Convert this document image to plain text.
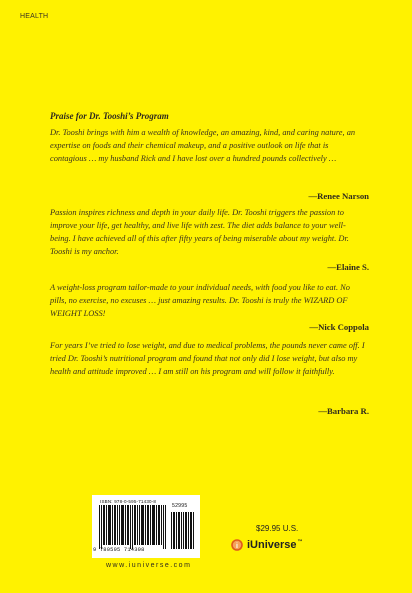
HEALTH
Praise for Dr. Tooshi’s Program
Dr. Tooshi brings with him a wealth of knowledge, an amazing, kind, and caring nature, an expertise on foods and their chemical makeup, and a positive outlook on life that is contagious … my husband Rick and I have lost over a hundred pounds collectively …
—Renee Narson
Passion inspires richness and depth in your daily life. Dr. Tooshi triggers the passion to improve your life, get healthy, and live life with zest. The diet adds balance to your well-being. I have achieved all of this after fifty years of being miserable about my weight. Dr. Tooshi is my anchor.
—Elaine S.
A weight-loss program tailor-made to your individual needs, with food you like to eat. No pills, no exercise, no excuses … just amazing results. Dr. Tooshi is truly the WIZARD OF WEIGHT LOSS!
—Nick Coppola
For years I’ve tried to lose weight, and due to medical problems, the pounds never came off. I tried Dr. Tooshi’s nutritional program and found that not only did I lose weight, but also my health and attitude improved … I am still on his program and will follow it faithfully.
—Barbara R.
ISBN: 978-0-595-71430-8
52995
9 780595 714308
www.iuniverse.com
$29.95 U.S.
i iUniverse™
